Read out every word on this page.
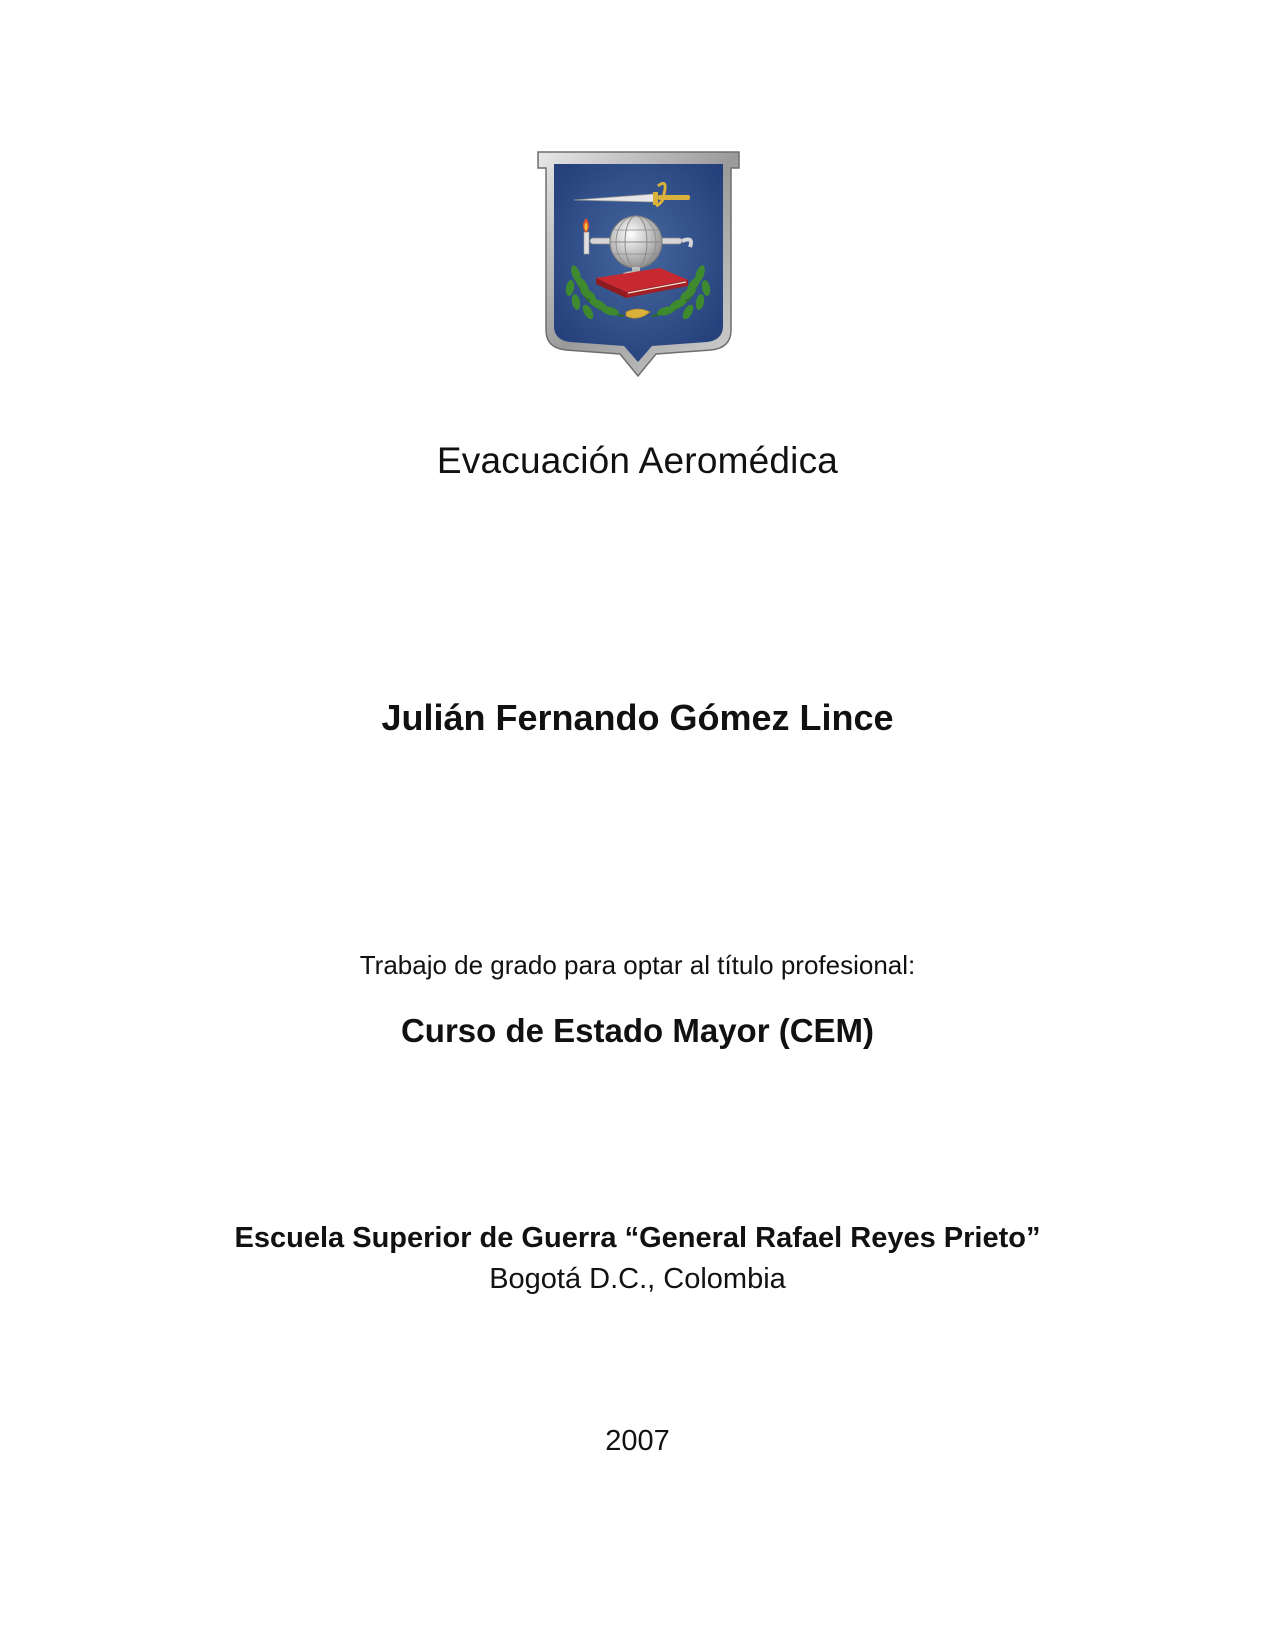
Evacuación Aeromédica
Julián Fernando Gómez Lince
Trabajo de grado para optar al título profesional:
Curso de Estado Mayor (CEM)
Escuela Superior de Guerra “General Rafael Reyes Prieto”
Bogotá D.C., Colombia
2007
